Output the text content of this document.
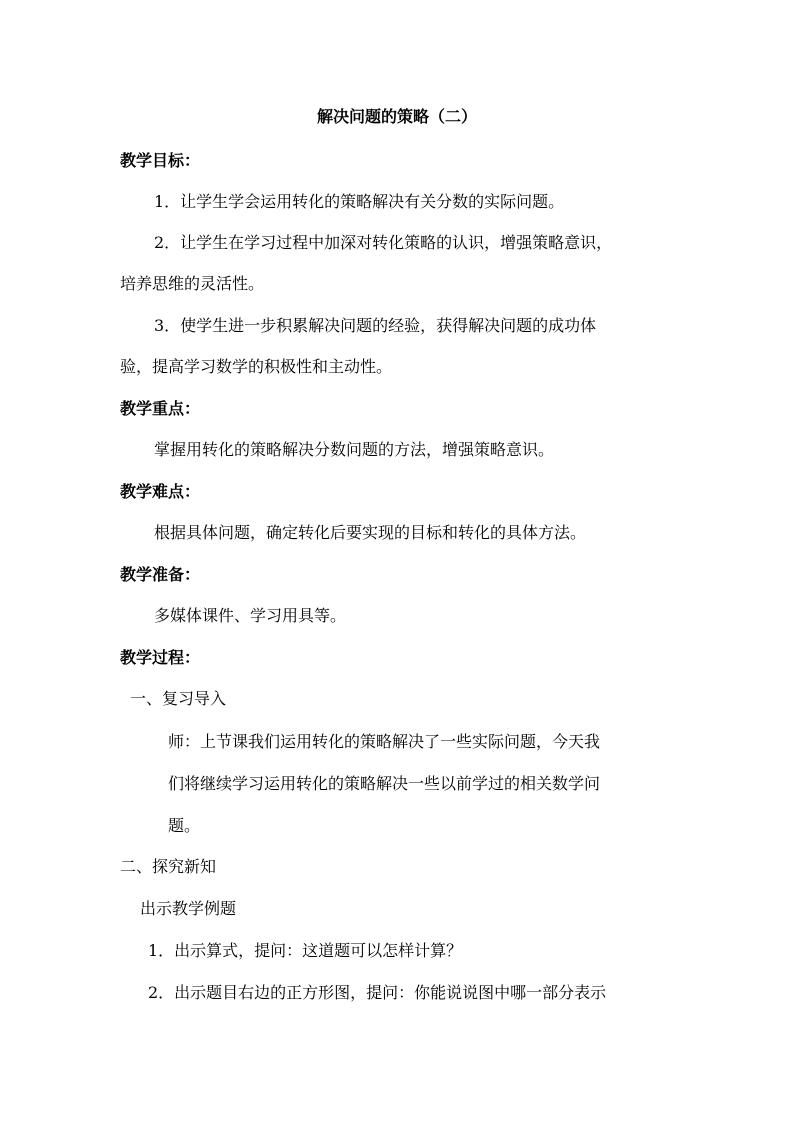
解决问题的策略（二）
教学目标：
1．让学生学会运用转化的策略解决有关分数的实际问题。
2．让学生在学习过程中加深对转化策略的认识，增强策略意识，
培养思维的灵活性。
3．使学生进一步积累解决问题的经验，获得解决问题的成功体
验，提高学习数学的积极性和主动性。
教学重点：
掌握用转化的策略解决分数问题的方法，增强策略意识。
教学难点：
根据具体问题，确定转化后要实现的目标和转化的具体方法。
教学准备：
多媒体课件、学习用具等。
教学过程：
一、复习导入
师：上节课我们运用转化的策略解决了一些实际问题，今天我
们将继续学习运用转化的策略解决一些以前学过的相关数学问
题。
二、探究新知
出示教学例题
1．出示算式，提问：这道题可以怎样计算？
2．出示题目右边的正方形图，提问：你能说说图中哪一部分表示
